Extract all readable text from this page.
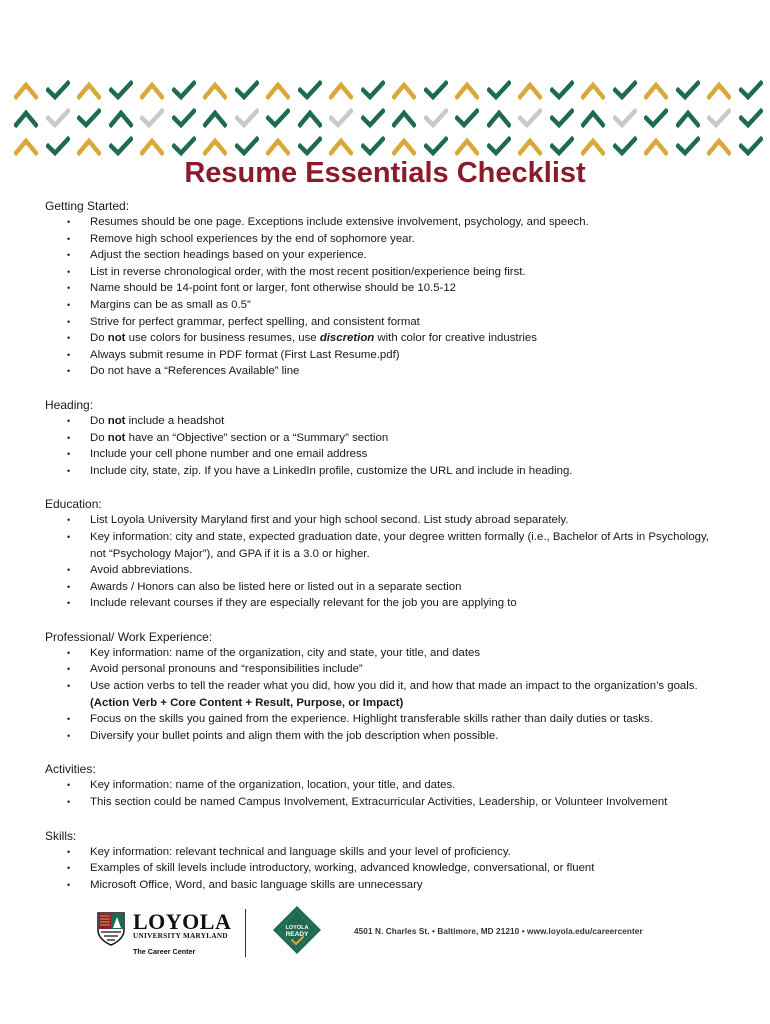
Resume Essentials Checklist

Getting Started:

• Resumes should be one page. Exceptions include extensive involvement, psychology, and speech.
• Remove high school experiences by the end of sophomore year.
• Adjust the section headings based on your experience.
• List in reverse chronological order, with the most recent position/experience being first.
• Name should be 14-point font or larger, font otherwise should be 10.5-12
• Margins can be as small as 0.5”
• Strive for perfect grammar, perfect spelling, and consistent format
• Do not use colors for business resumes, use discretion with color for creative industries
• Always submit resume in PDF format (First Last Resume.pdf)
• Do not have a “References Available” line

Heading:

• Do not include a headshot
• Do not have an “Objective” section or a “Summary” section
• Include your cell phone number and one email address
• Include city, state, zip. If you have a LinkedIn profile, customize the URL and include in heading.

Education:

• List Loyola University Maryland first and your high school second. List study abroad separately.
• Key information: city and state, expected graduation date, your degree written formally (i.e., Bachelor of Arts in Psychology,
not “Psychology Major”), and GPA if it is a 3.0 or higher.
• Avoid abbreviations.
• Awards / Honors can also be listed here or listed out in a separate section
• Include relevant courses if they are especially relevant for the job you are applying to

Professional/ Work Experience:

• Key information: name of the organization, city and state, your title, and dates
• Avoid personal pronouns and “responsibilities include”
• Use action verbs to tell the reader what you did, how you did it, and how that made an impact to the organization’s goals.
(Action Verb + Core Content + Result, Purpose, or Impact)
• Focus on the skills you gained from the experience. Highlight transferable skills rather than daily duties or tasks.
• Diversify your bullet points and align them with the job description when possible.

Activities:

• Key information: name of the organization, location, your title, and dates.
• This section could be named Campus Involvement, Extracurricular Activities, Leadership, or Volunteer Involvement

Skills:

• Key information: relevant technical and language skills and your level of proficiency.
• Examples of skill levels include introductory, working, advanced knowledge, conversational, or fluent
• Microsoft Office, Word, and basic language skills are unnecessary
LOYOLA
UNIVERSITY MARYLAND
The Career Center
LOYOLA
READY	4501 N. Charles St. • Baltimore, MD 21210 • www.loyola.edu/careercenter
